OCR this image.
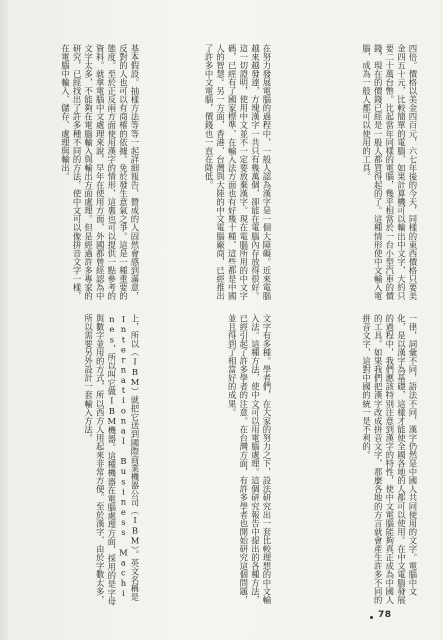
基本假設。抽樣方法等等一起詳細報告，贊成的人固然會感到滿意，反對的人也可以有商榷的依據。免於發生意氣之爭。這是一種重要的態度。至於正反兩方面使用漢字的情形，這裏也可以提供一點參考的資料。就拿電腦中文處理來說，早年在使用方面，外國都曾經認為中文字太多，不能夠在電腦輸入與輸出方面處理。但是經過許多專家的研究，已經找出了許多種不同的方法，使中文可以像拼音文字一樣，在電腦中輸入、儲存、處理與輸出。	在努力發展電腦的過程中，一般人認為漢字是一個大障礙。近來電腦越來越發達，方塊漢字一共只有幾萬個，卻能在電腦內存放得很好。這一切證明，使用中文並不一定要放棄漢字。現在電腦所用的中文字碼，已經有了國家標準，在輸入法方面也有好幾十種，這些都是中國人的智慧。另一方面，香港、台灣與大陸的中文電腦廠商，已經推出了許多中文電腦，價錢也一直在降低。	四倍。價格以美金四百元，六七年後的今天，同樣的東西價格只要美金四五十元，比較簡單的電腦，如果計算機可以輸出中文字，大約只要二十萬台幣。比起當年同樣的電腦，幾乎相當於一台小型汽車的價錢，現在的價錢已經是一般人都買得起的了。這種情形使中文輸入電腦，成為一般人都可以使用的工具。
上，所以（IBM）就把它送到國際商業機器公司（IBM）。英文名稱是International Business Machines，所以叫它做IBM機器。這種機器在電腦處理方面，採用的是字母與數字並用的方式，所以西方人用起來非常方便。至於漢字，由於字數太多，所以需要另外設計一套輸入方法。	文字有多種。學者們，在大家的努力之下，設法研究出一套比較理想的中文輸入法。這種方法，使中文可以用電腦處理。這個研究報告中提出的各種方法，已經引起了許多學者的注意。在台灣方面，有許多學者也開始研究這個問題，並且得到了相當好的成果。	一律，詞彙不同，語法不同，漢字仍然是中國人共同使用的文字。電腦中文化，是以漢字為基礎，這樣才能使全國各地的人都可以使用。在中文電腦發展的過程中，我們應該特別注意到漢字的特性，使中文電腦能夠真正成為中國人的工具。如果我們把漢字改成拼音文字，那麼各地的方言就會產生許多不同的拼音文字，這對中國的統一是不利的。
78
